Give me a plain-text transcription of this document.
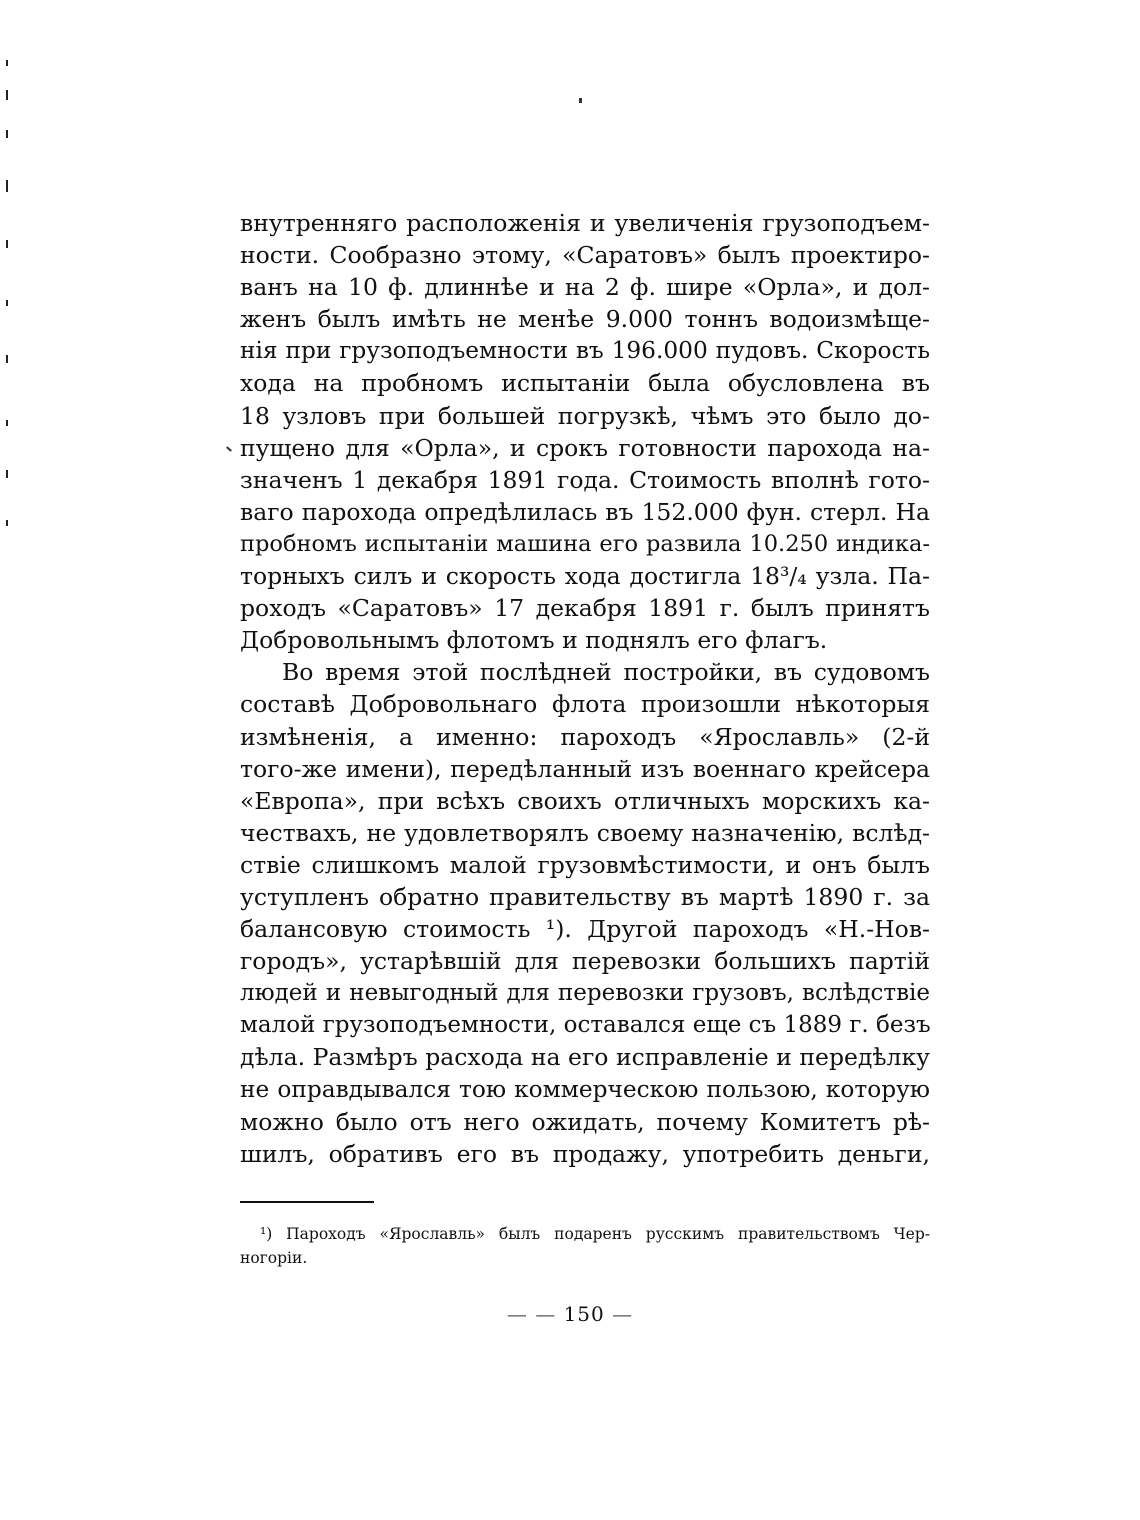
внутренняго расположенія и увеличенія грузоподъем-
ности. Сообразно этому, «Саратовъ» былъ проектиро-
ванъ на 10 ф. длиннѣе и на 2 ф. шире «Орла», и дол-
женъ былъ имѣть не менѣе 9.000 тоннъ водоизмѣще-
нія при грузоподъемности въ 196.000 пудовъ. Скорость
хода на пробномъ испытаніи была обусловлена въ
18 узловъ при большей погрузкѣ, чѣмъ это было до-
пущено для «Орла», и срокъ готовности парохода на-
значенъ 1 декабря 1891 года. Стоимость вполнѣ гото-
ваго парохода опредѣлилась въ 152.000 фун. стерл. На
пробномъ испытаніи машина его развила 10.250 индика-
торныхъ силъ и скорость хода достигла 18³/₄ узла. Па-
роходъ «Саратовъ» 17 декабря 1891 г. былъ принятъ
Добровольнымъ флотомъ и поднялъ его флагъ.
Во время этой послѣдней постройки, въ судовомъ
составѣ Добровольнаго флота произошли нѣкоторыя
измѣненія, а именно: пароходъ «Ярославль» (2-й
того-же имени), передѣланный изъ военнаго крейсера
«Европа», при всѣхъ своихъ отличныхъ морскихъ ка-
чествахъ, не удовлетворялъ своему назначенію, вслѣд-
ствіе слишкомъ малой грузовмѣстимости, и онъ былъ
уступленъ обратно правительству въ мартѣ 1890 г. за
балансовую стоимость ¹). Другой пароходъ «Н.-Нов-
городъ», устарѣвшій для перевозки большихъ партій
людей и невыгодный для перевозки грузовъ, вслѣдствіе
малой грузоподъемности, оставался еще съ 1889 г. безъ
дѣла. Размѣръ расхода на его исправленіе и передѣлку
не оправдывался тою коммерческою пользою, которую
можно было отъ него ожидать, почему Комитетъ рѣ-
шилъ, обративъ его въ продажу, употребить деньги,
¹) Пароходъ «Ярославль» былъ подаренъ русскимъ правительствомъ Чер-
ногоріи.
— — 150 —
